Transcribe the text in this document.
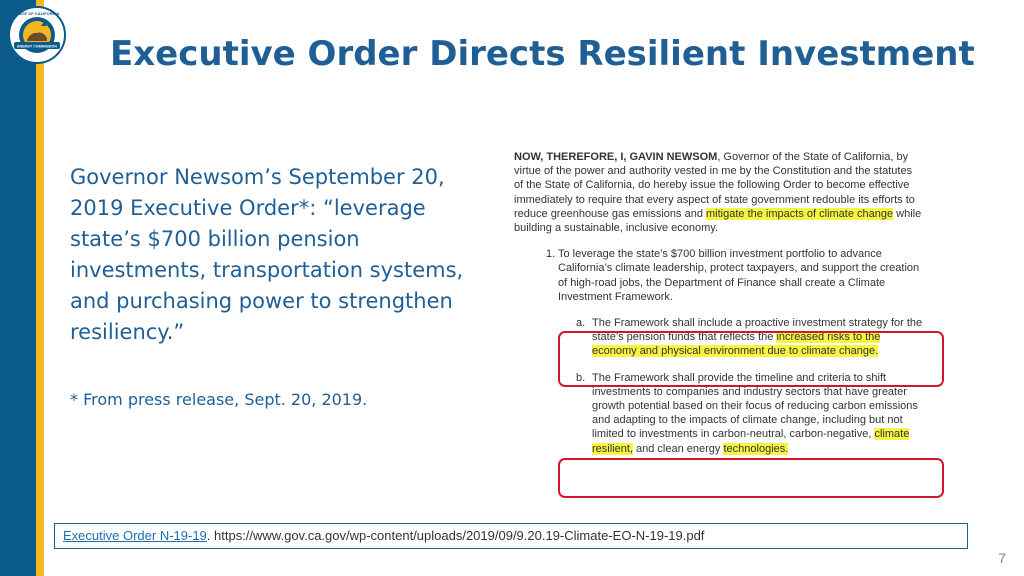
ENERGY COMMISSION
STATE OF CALIFORNIA
Executive Order Directs Resilient Investment

Governor Newsom’s September 20, 2019 Executive Order*: “leverage state’s $700 billion pension investments, transportation systems, and purchasing power to strengthen resiliency.”

* From press release, Sept. 20, 2019.

NOW, THEREFORE, I, GAVIN NEWSOM, Governor of the State of California, by virtue of the power and authority vested in me by the Constitution and the statutes of the State of California, do hereby issue the following Order to become effective immediately to require that every aspect of state government redouble its efforts to reduce greenhouse gas emissions and mitigate the impacts of climate change while building a sustainable, inclusive economy.

1. To leverage the state’s $700 billion investment portfolio to advance California’s climate leadership, protect taxpayers, and support the creation of high-road jobs, the Department of Finance shall create a Climate Investment Framework.

a. The Framework shall include a proactive investment strategy for the state’s pension funds that reflects the increased risks to the economy and physical environment due to climate change.

b. The Framework shall provide the timeline and criteria to shift investments to companies and industry sectors that have greater growth potential based on their focus of reducing carbon emissions and adapting to the impacts of climate change, including but not limited to investments in carbon-neutral, carbon-negative, climate resilient, and clean energy technologies.

Executive Order N-19-19. https://www.gov.ca.gov/wp-content/uploads/2019/09/9.20.19-Climate-EO-N-19-19.pdf
7
